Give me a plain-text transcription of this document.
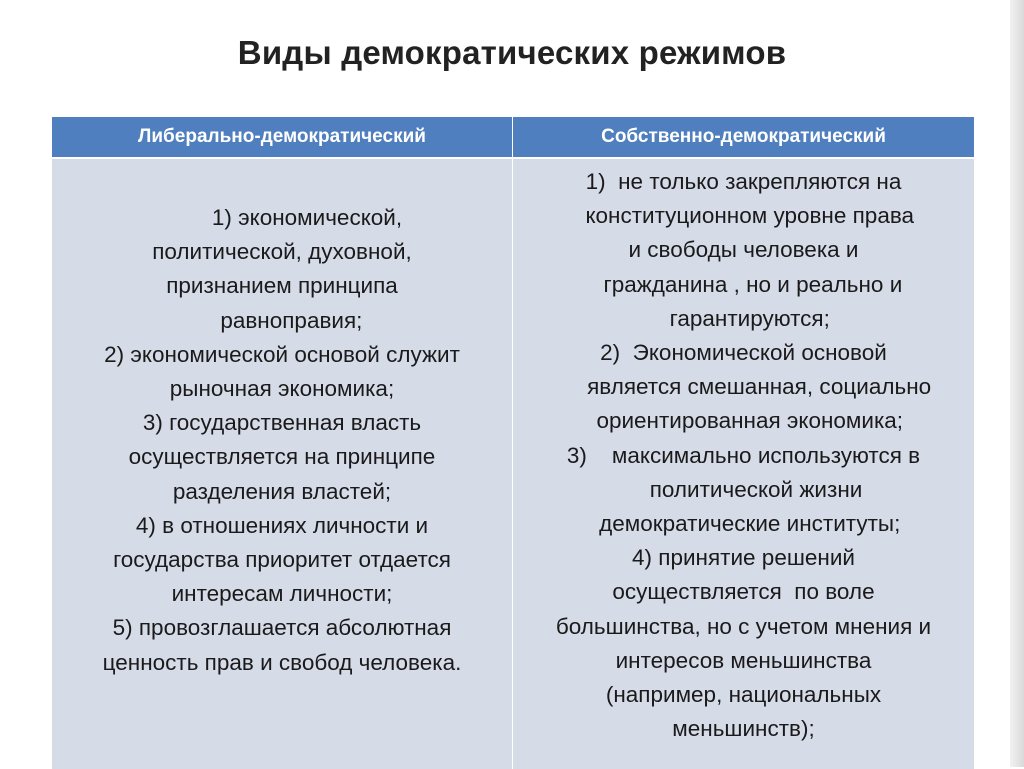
Виды демократических режимов
Либерально-демократический	Собственно-демократический
1) экономической,
политической, духовной,
признанием принципа
равноправия;
2) экономической основой служит
рыночная экономика;
3) государственная власть
осуществляется на принципе
разделения властей;
4) в отношениях личности и
государства приоритет отдается
интересам личности;
5) провозглашается абсолютная
ценность прав и свобод человека.
1)  не только закрепляются на
конституционном уровне права
и свободы человека и
гражданина , но и реально и
гарантируются;
2)  Экономической основой
является смешанная, социально
ориентированная экономика;
3)    максимально используются в
политической жизни
демократические институты;
4) принятие решений
осуществляется  по воле
большинства, но с учетом мнения и
интересов меньшинства
(например, национальных
меньшинств);
